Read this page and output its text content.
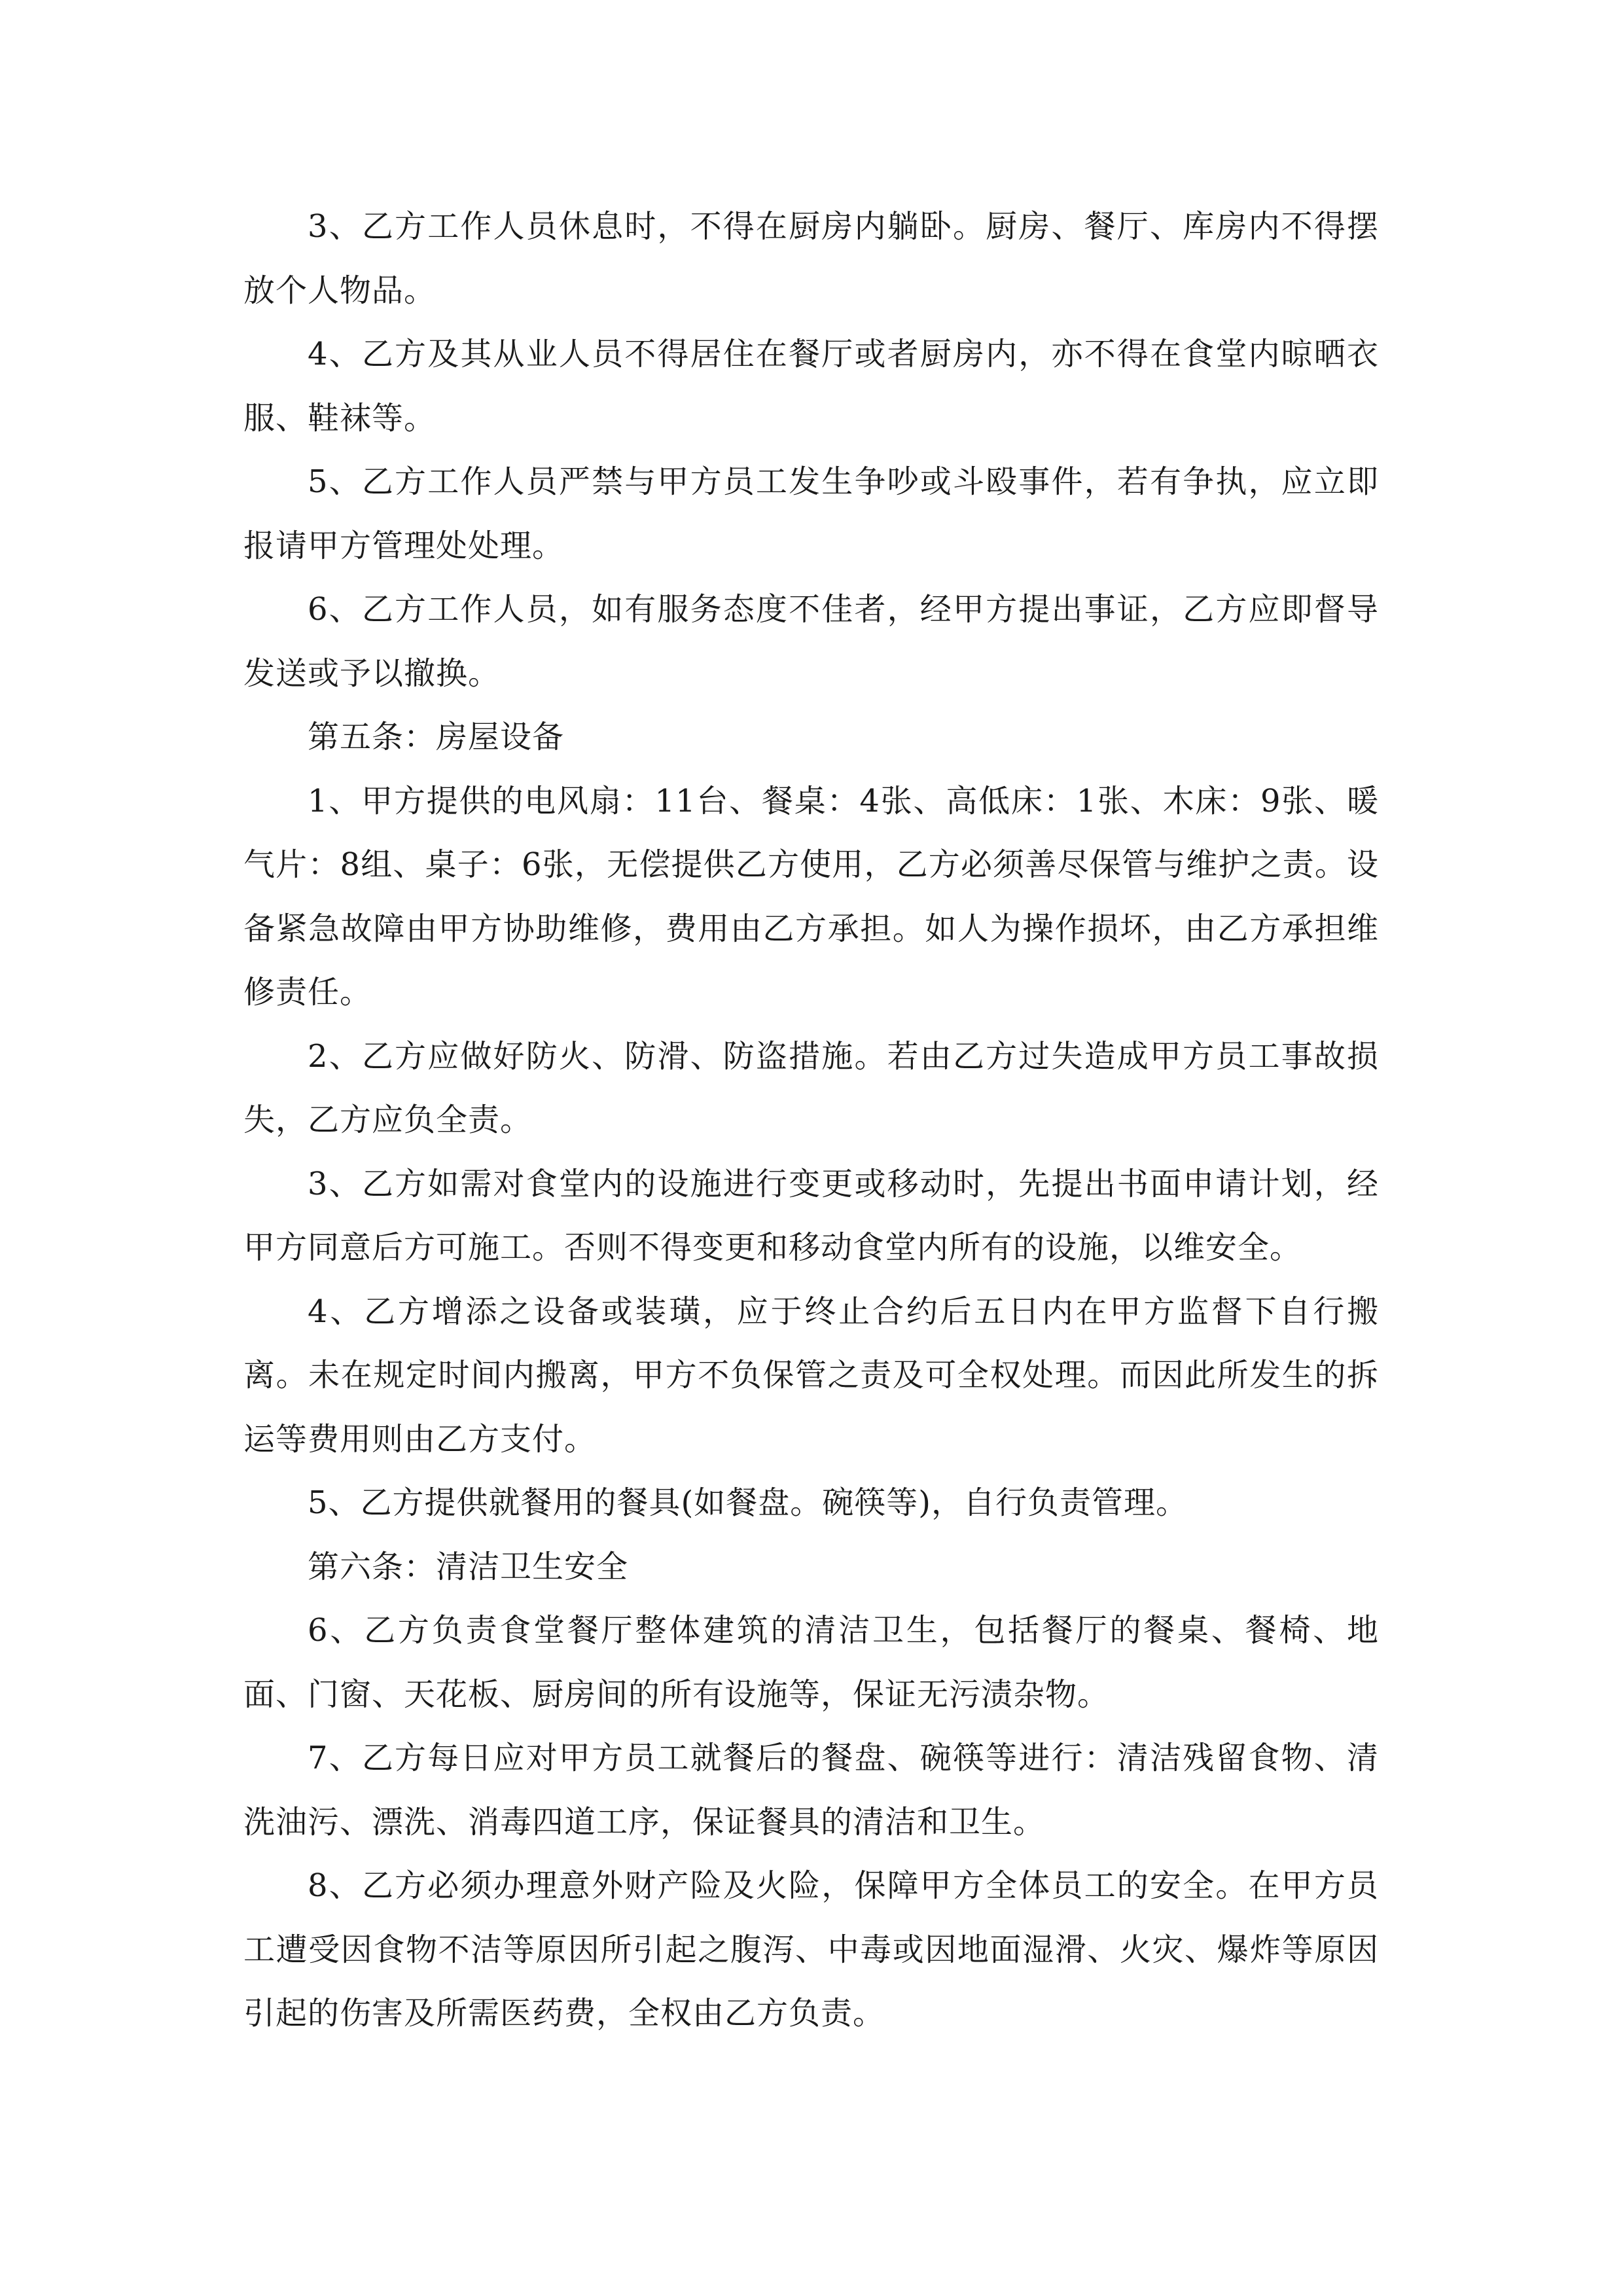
3、乙方工作人员休息时，不得在厨房内躺卧。厨房、餐厅、库房内不得摆放个人物品。

4、乙方及其从业人员不得居住在餐厅或者厨房内，亦不得在食堂内晾晒衣服、鞋袜等。

5、乙方工作人员严禁与甲方员工发生争吵或斗殴事件，若有争执，应立即报请甲方管理处处理。

6、乙方工作人员，如有服务态度不佳者，经甲方提出事证，乙方应即督导发送或予以撤换。

第五条：房屋设备

1、甲方提供的电风扇：11台、餐桌：4张、高低床：1张、木床：9张、暖气片：8组、桌子：6张，无偿提供乙方使用，乙方必须善尽保管与维护之责。设备紧急故障由甲方协助维修，费用由乙方承担。如人为操作损坏，由乙方承担维修责任。

2、乙方应做好防火、防滑、防盗措施。若由乙方过失造成甲方员工事故损失，乙方应负全责。

3、乙方如需对食堂内的设施进行变更或移动时，先提出书面申请计划，经甲方同意后方可施工。否则不得变更和移动食堂内所有的设施，以维安全。

4、乙方增添之设备或装璜，应于终止合约后五日内在甲方监督下自行搬离。未在规定时间内搬离，甲方不负保管之责及可全权处理。而因此所发生的拆运等费用则由乙方支付。

5、乙方提供就餐用的餐具(如餐盘。碗筷等)，自行负责管理。

第六条：清洁卫生安全

6、乙方负责食堂餐厅整体建筑的清洁卫生，包括餐厅的餐桌、餐椅、地面、门窗、天花板、厨房间的所有设施等，保证无污渍杂物。

7、乙方每日应对甲方员工就餐后的餐盘、碗筷等进行：清洁残留食物、清洗油污、漂洗、消毒四道工序，保证餐具的清洁和卫生。

8、乙方必须办理意外财产险及火险，保障甲方全体员工的安全。在甲方员工遭受因食物不洁等原因所引起之腹泻、中毒或因地面湿滑、火灾、爆炸等原因引起的伤害及所需医药费，全权由乙方负责。
